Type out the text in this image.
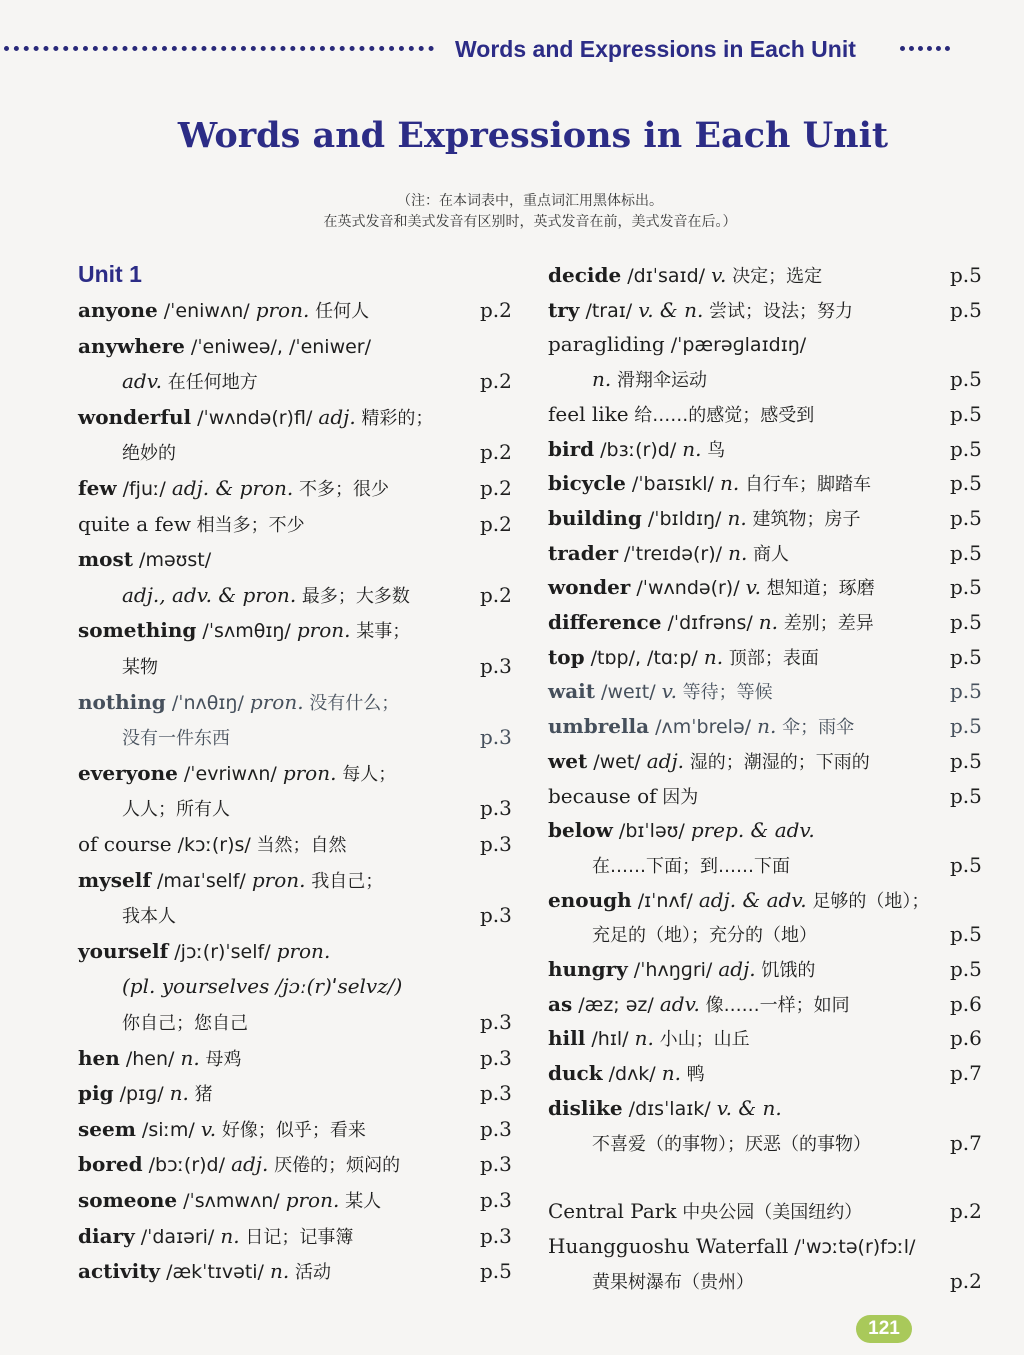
Words and Expressions in Each Unit
Words and Expressions in Each Unit
（注：在本词表中，重点词汇用黑体标出。
在英式发音和美式发音有区别时，英式发音在前，美式发音在后。）
Unit 1
anyone /ˈeniwʌn/ pron. 任何人	p.2
anywhere /ˈeniweə/, /ˈeniwer/
adv. 在任何地方	p.2
wonderful /ˈwʌndə(r)fl/ adj. 精彩的；
绝妙的	p.2
few /fjuː/ adj. & pron. 不多；很少	p.2
quite a few 相当多；不少	p.2
most /məʊst/
adj., adv. & pron. 最多；大多数	p.2
something /ˈsʌmθɪŋ/ pron. 某事；
某物	p.3
nothing /ˈnʌθɪŋ/ pron. 没有什么；
没有一件东西	p.3
everyone /ˈevriwʌn/ pron. 每人；
人人；所有人	p.3
of course /kɔː(r)s/ 当然；自然	p.3
myself /maɪˈself/ pron. 我自己；
我本人	p.3
yourself /jɔː(r)ˈself/ pron.
(pl. yourselves /jɔː(r)ˈselvz/)
你自己；您自己	p.3
hen /hen/ n. 母鸡	p.3
pig /pɪɡ/ n. 猪	p.3
seem /siːm/ v. 好像；似乎；看来	p.3
bored /bɔː(r)d/ adj. 厌倦的；烦闷的	p.3
someone /ˈsʌmwʌn/ pron. 某人	p.3
diary /ˈdaɪəri/ n. 日记；记事簿	p.3
activity /ækˈtɪvəti/ n. 活动	p.5
decide /dɪˈsaɪd/ v. 决定；选定	p.5
try /traɪ/ v. & n. 尝试；设法；努力	p.5
paragliding /ˈpærəɡlaɪdɪŋ/
n. 滑翔伞运动	p.5
feel like 给……的感觉；感受到	p.5
bird /bɜː(r)d/ n. 鸟	p.5
bicycle /ˈbaɪsɪkl/ n. 自行车；脚踏车	p.5
building /ˈbɪldɪŋ/ n. 建筑物；房子	p.5
trader /ˈtreɪdə(r)/ n. 商人	p.5
wonder /ˈwʌndə(r)/ v. 想知道；琢磨	p.5
difference /ˈdɪfrəns/ n. 差别；差异	p.5
top /tɒp/, /tɑːp/ n. 顶部；表面	p.5
wait /weɪt/ v. 等待；等候	p.5
umbrella /ʌmˈbrelə/ n. 伞；雨伞	p.5
wet /wet/ adj. 湿的；潮湿的；下雨的	p.5
because of 因为	p.5
below /bɪˈləʊ/ prep. & adv.
在……下面；到……下面	p.5
enough /ɪˈnʌf/ adj. & adv. 足够的（地）；
充足的（地）；充分的（地）	p.5
hungry /ˈhʌŋɡri/ adj. 饥饿的	p.5
as /æz; əz/ adv. 像……一样；如同	p.6
hill /hɪl/ n. 小山；山丘	p.6
duck /dʌk/ n. 鸭	p.7
dislike /dɪsˈlaɪk/ v. & n.
不喜爱（的事物）；厌恶（的事物）	p.7
Central Park 中央公园（美国纽约）	p.2
Huangguoshu Waterfall /ˈwɔːtə(r)fɔːl/
黄果树瀑布（贵州）	p.2
121
